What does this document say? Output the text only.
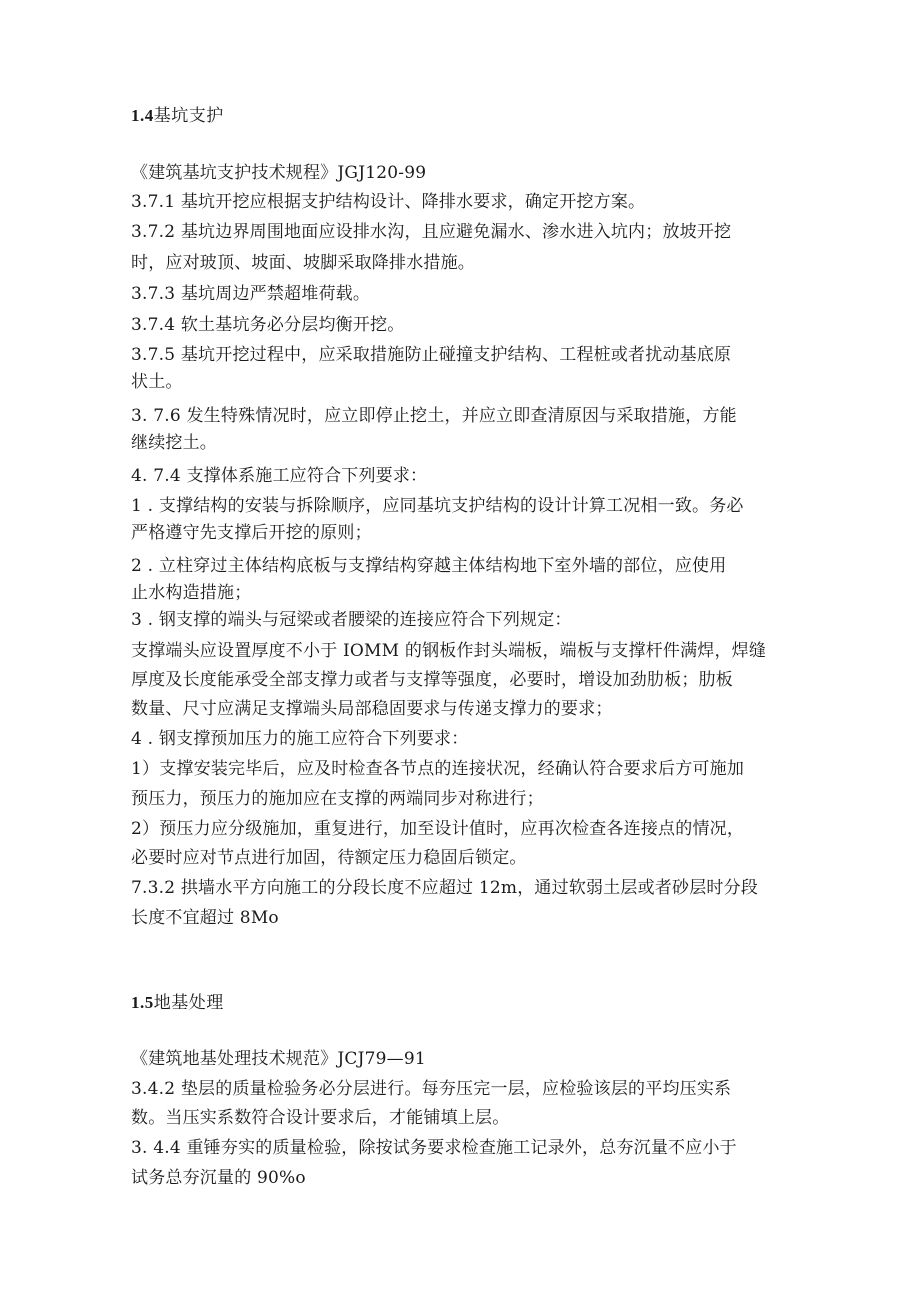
1.4基坑支护
《建筑基坑支护技术规程》JGJ120-99
3.7.1 基坑开挖应根据支护结构设计、降排水要求，确定开挖方案。
3.7.2 基坑边界周围地面应设排水沟，且应避免漏水、渗水进入坑内；放坡开挖
时，应对玻顶、坡面、坡脚采取降排水措施。
3.7.3 基坑周边严禁超堆荷载。
3.7.4 软土基坑务必分层均衡开挖。
3.7.5 基坑开挖过程中，应采取措施防止碰撞支护结构、工程桩或者扰动基底原
状土。
3. 7.6 发生特殊情况时，应立即停止挖土，并应立即查清原因与采取措施，方能
继续挖土。
4. 7.4 支撑体系施工应符合下列要求：
1 . 支撑结构的安装与拆除顺序，应同基坑支护结构的设计计算工况相一致。务必
严格遵守先支撑后开挖的原则；
2 . 立柱穿过主体结构底板与支撑结构穿越主体结构地下室外墙的部位，应使用
止水构造措施；
3 . 钢支撑的端头与冠梁或者腰梁的连接应符合下列规定：
支撑端头应设置厚度不小于 IOMM 的钢板作封头端板，端板与支撑杆件满焊，焊缝
厚度及长度能承受全部支撑力或者与支撑等强度，必要时，增设加劲肋板；肋板
数量、尺寸应满足支撑端头局部稳固要求与传递支撑力的要求；
4 . 钢支撑预加压力的施工应符合下列要求：
1）支撑安装完毕后，应及时检查各节点的连接状况，经确认符合要求后方可施加
预压力，预压力的施加应在支撑的两端同步对称进行；
2）预压力应分级施加，重复进行，加至设计值时，应再次检查各连接点的情况，
必要时应对节点进行加固，待额定压力稳固后锁定。
7.3.2 拱墙水平方向施工的分段长度不应超过 12m，通过软弱土层或者砂层时分段
长度不宜超过 8Mo
1.5地基处理
《建筑地基处理技术规范》JCJ79—91
3.4.2 垫层的质量检验务必分层进行。每夯压完一层，应检验该层的平均压实系
数。当压实系数符合设计要求后，才能铺填上层。
3. 4.4 重锤夯实的质量检验，除按试务要求检查施工记录外，总夯沉量不应小于
试务总夯沉量的 90%o
